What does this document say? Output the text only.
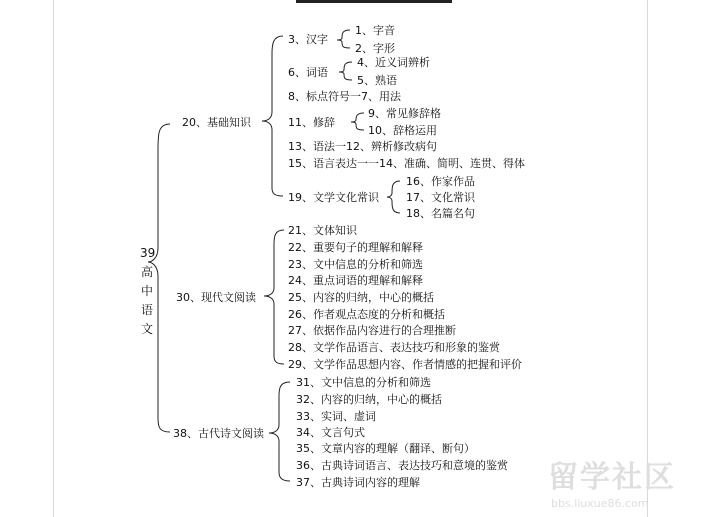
39
高
中
语
文
20、基础知识
30、现代文阅读
38、古代诗文阅读
3、汉字
1、字音
2、字形
6、词语
4、近义词辨析
5、熟语
8、标点符号一7、用法
11、修辞
9、常见修辞格
10、辞格运用
13、语法一12、辨析修改病句
15、语言表达一一14、准确、简明、连贯、得体
19、文学文化常识
16、作家作品
17、文化常识
18、名篇名句
21、文体知识
22、重要句子的理解和解释
23、文中信息的分析和筛选
24、重点词语的理解和解释
25、内容的归纳，中心的概括
26、作者观点态度的分析和概括
27、依据作品内容进行的合理推断
28、文学作品语言、表达技巧和形象的鉴赏
29、文学作品思想内容、作者情感的把握和评价
31、文中信息的分析和筛选
32、内容的归纳，中心的概括
33、实词、虚词
34、文言句式
35、文章内容的理解（翻译、断句）
36、古典诗词语言、表达技巧和意境的鉴赏
37、古典诗词内容的理解	留学社区
bbs.liuxue86.com
